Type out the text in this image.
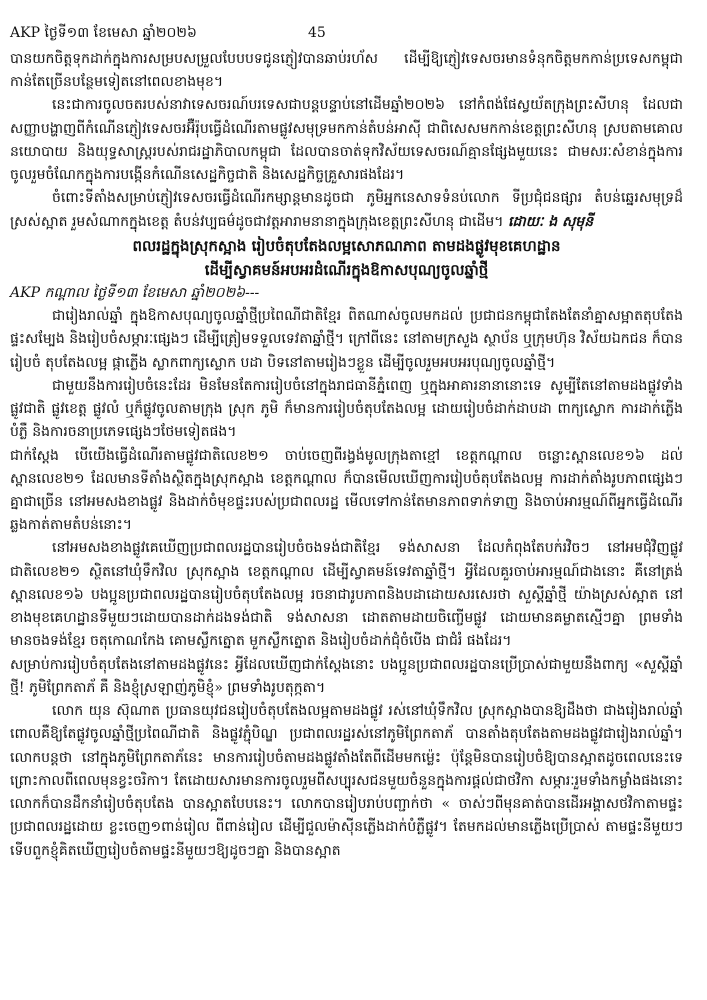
AKP ថ្ងៃទី១៣ ខែមេសា ឆ្នាំ២០២៦	45

បានយកចិត្តទុកដាក់ក្នុងការសម្របសម្រួលបែបបទជូនភ្ញៀវបានឆាប់រហ័ស ដើម្បីឱ្យភ្ញៀវទេសចរមានទំនុកចិត្តមកកាន់ប្រទេសកម្ពុជាកាន់តែច្រើនបន្ថែមទៀតនៅពេលខាងមុខ។

នេះជាការចូលចតរបស់នាវាទេសចរណ៍បរទេសជាបន្តបន្ទាប់នៅដើមឆ្នាំ២០២៦ នៅកំពង់ផែស្វយ័តក្រុងព្រះសីហនុ ដែលជាសញ្ញាបង្ហាញពីកំណើនភ្ញៀវទេសចរអ៊ឺរ៉ុបធ្វើដំណើរតាមផ្លូវសមុទ្រមកកាន់តំបន់អាស៊ី ជាពិសេសមកកាន់ខេត្តព្រះសីហនុ ស្របតាមគោលនយោបាយ និងយុទ្ធសាស្ត្ររបស់រាជរដ្ឋាភិបាលកម្ពុជា ដែលបានចាត់ទុកវិស័យទេសចរណ៍គ្មានផ្សែងមួយនេះ ជាមសរៈសំខាន់ក្នុងការចូលរួមចំណែកក្នុងការបង្កើនកំណើនសេដ្ឋកិច្ចជាតិ និងសេដ្ឋកិច្ចគ្រួសារផងដែរ។

ចំពោះទីតាំងសម្រាប់ភ្ញៀវទេសចរធ្វើដំណើរកម្សាន្តមានដូចជា ភូមិអ្នកនេសាទទំនប់លោក ទីប្រជុំជនផ្សារ តំបន់ឆ្នេរសមុទ្រដ៏ស្រស់ស្អាត រួមសំណាកក្នុងខេត្ត តំបន់វប្បធម៌ដូចជាវត្តអារាមនានាក្នុងក្រុងខេត្តព្រះសីហនុ ជាដើម។ ដោយៈ ង សុមុនី

ពលរដ្ឋក្នុងស្រុកស្អាង រៀបចំតុបតែងលម្អសោភណភាព តាមដងផ្លូវមុខគេហដ្ឋាន

ដើម្បីស្វាគមន៍អបអរដំណើរក្នុងឱកាសបុណ្យចូលឆ្នាំថ្មី

AKP កណ្ដាល ថ្ងៃទី១៣ ខែមេសា ឆ្នាំ២០២៦---

ជារៀងរាល់ឆ្នាំ ក្នុងឱកាសបុណ្យចូលឆ្នាំថ្មីប្រពៃណីជាតិខ្មែរ ពិតណាស់ចូលមកដល់ ប្រជាជនកម្ពុជាតែងតែនាំគ្នាសម្អាតតុបតែងផ្ទះសម្បែង និងរៀបចំសម្ភារៈផ្សេងៗ ដើម្បីត្រៀមទទួលទេវតាឆ្នាំថ្មី។ ក្រៅពីនេះ នៅតាមក្រសួង ស្ថាប័ន ឬក្រុមហ៊ុន វិស័យឯកជន ក៏បានរៀបចំ តុបតែងលម្អ ផ្កាភ្លើង ស្លាកពាក្យស្លោក បដា បិទនៅតាមរៀងៗខ្លួន ដើម្បីចូលរួមអបអរបុណ្យចូលឆ្នាំថ្មី។

ជាមួយនឹងការរៀបចំនេះដែរ មិនមែនតែការរៀបចំនៅក្នុងរាជធានីភ្នំពេញ ឬក្នុងអាគារនានានោះទេ សូម្បីតែនៅតាមដងផ្លូវទាំងផ្លូវជាតិ ផ្លូវខេត្ត ផ្លូវលំ ឬក៏ផ្លូវចូលតាមក្រុង ស្រុក ភូមិ ក៏មានការរៀបចំតុបតែងលម្អ ដោយរៀបចំដាក់ដាបដា ពាក្យស្លោក ការដាក់ភ្លើងបំភ្លឺ និងការចនាប្រភេទផ្សេងៗថែមទៀតផង។

ជាក់ស្ដែង បើយើងធ្វើដំណើរតាមផ្លូវជាតិលេខ២១ ចាប់ចេញពីរង្វង់មូលក្រុងតាខ្មៅ ខេត្តកណ្ដាល ចន្លោះស្ពានលេខ១៦ ដល់ស្ពានលេខ២១ ដែលមានទីតាំងស្ថិតក្នុងស្រុកស្អាង ខេត្តកណ្ដាល ក៏បានមើលឃើញការរៀបចំតុបតែងលម្អ ការដាក់តាំងរូបភាពផ្សេងៗគ្នាជាច្រើន នៅអមសងខាងផ្លូវ និងដាក់ចំមុខផ្ទះរបស់ប្រជាពលរដ្ឋ មើលទៅកាន់តែមានភាពទាក់ទាញ និងចាប់អារម្មណ៍ពីអ្នកធ្វើដំណើរឆ្លងកាត់តាមតំបន់នោះ។

នៅអមសងខាងផ្លូវគេឃើញប្រជាពលរដ្ឋបានរៀបចំចងទង់ជាតិខ្មែរ ទង់សាសនា ដែលកំពុងតែបក់រវិចៗ នៅអមជុំវិញផ្លូវជាតិលេខ២១ ស្ថិតនៅឃុំទឹកវិល ស្រុកស្អាង ខេត្តកណ្ដាល ដើម្បីស្វាគមន៍ទេវតាឆ្នាំថ្មី។ អ្វីដែលគួរចាប់អារម្មណ៍ជាងនោះ គឺនៅត្រង់ស្ពានលេខ១៦ បងប្អូនប្រជាពលរដ្ឋបានរៀបចំតុបតែងលម្អ រចនាជារូបភាពនិងបដាដោយសរសេរថា សួស្ដីឆ្នាំថ្មី យ៉ាងស្រស់ស្អាត នៅខាងមុខគេហដ្ឋានទីមួយៗដោយបានដាក់ដងទង់ជាតិ ទង់សាសនា ដោតតាមដាយចិញ្ចើមផ្លូវ ដោយមានគម្លាតស្មើៗគ្នា ព្រមទាំងមានចងទង់ខ្មែរ ចតុកោណកែង គោមស្លឹកត្នោត មួកស្លឹកត្នោត និងរៀបចំដាក់ជុំចំបើង ជាជំរំ ផងដែរ។

សម្រាប់ការរៀបចំតុបតែងនៅតាមដងផ្លូវនេះ អ្វីដែលឃើញជាក់ស្ដែងនោះ បងប្អូនប្រជាពលរដ្ឋបានប្រើប្រាស់ជាមួយនឹងពាក្យ «សួស្ដីឆ្នាំថ្មី! ភូមិព្រែកតាភ័ គឺ និងខ្ញុំស្រឡាញ់ភូមិខ្ញុំ» ព្រមទាំងរូបតុក្កតា។

លោក យុន ស៊ុណាត ប្រធានយុវជនរៀបចំតុបតែងលម្អតាមដងផ្លូវ រស់នៅឃុំទឹកវិល ស្រុកស្អាងបានឱ្យដឹងថា ជាងរៀងរាល់ឆ្នាំពោលគឺឱ្យតែផ្លូវចូលឆ្នាំថ្មីប្រពៃណីជាតិ និងផ្លូវភ្ជុំបិណ្ឌ ប្រជាពលរដ្ឋរស់នៅភូមិព្រែកតាភ័ បានតាំងតុបតែងតាមដងផ្លូវជារៀងរាល់ឆ្នាំ។ លោកបន្តថា នៅក្នុងភូមិព្រែកតាភ័នេះ មានការរៀបចំតាមដងផ្លូវតាំងតែពីដើមមកម្ល៉េះ ប៉ុន្តែមិនបានរៀបចំឱ្យបានស្អាតដូចពេលនេះទេ ព្រោះកាលពីពេលមុនខ្វះចរិកា។ តែដោយសារមានការចូលរួមពីសប្បុរសជនមួយចំនួនក្នុងការផ្ដល់ជាថវិកា សម្ភារៈរួមទាំងកម្លាំងផងនោះ លោកក៏បានដឹកនាំរៀបចំតុបតែង បានស្អាតបែបនេះ។ លោកបានរៀបរាប់បញ្ជាក់ថា « ចាស់ៗពីមុនគាត់បានដើរអង្គាសថវិកាតាមផ្ទះ ប្រជាពលរដ្ឋដោយ ខ្លះចេញ១ពាន់រៀល ពីពាន់រៀល ដើម្បីជួលម៉ាស៊ីនភ្លើងដាក់បំភ្លឺផ្លូវ។ តែមកដល់មានភ្លើងប្រើប្រាស់ តាមផ្ទះនីមួយៗទើបពួកខ្ញុំគិតឃើញរៀបចំតាមផ្ទះនីមួយៗឱ្យដូចៗគ្នា និងបានស្អាត
